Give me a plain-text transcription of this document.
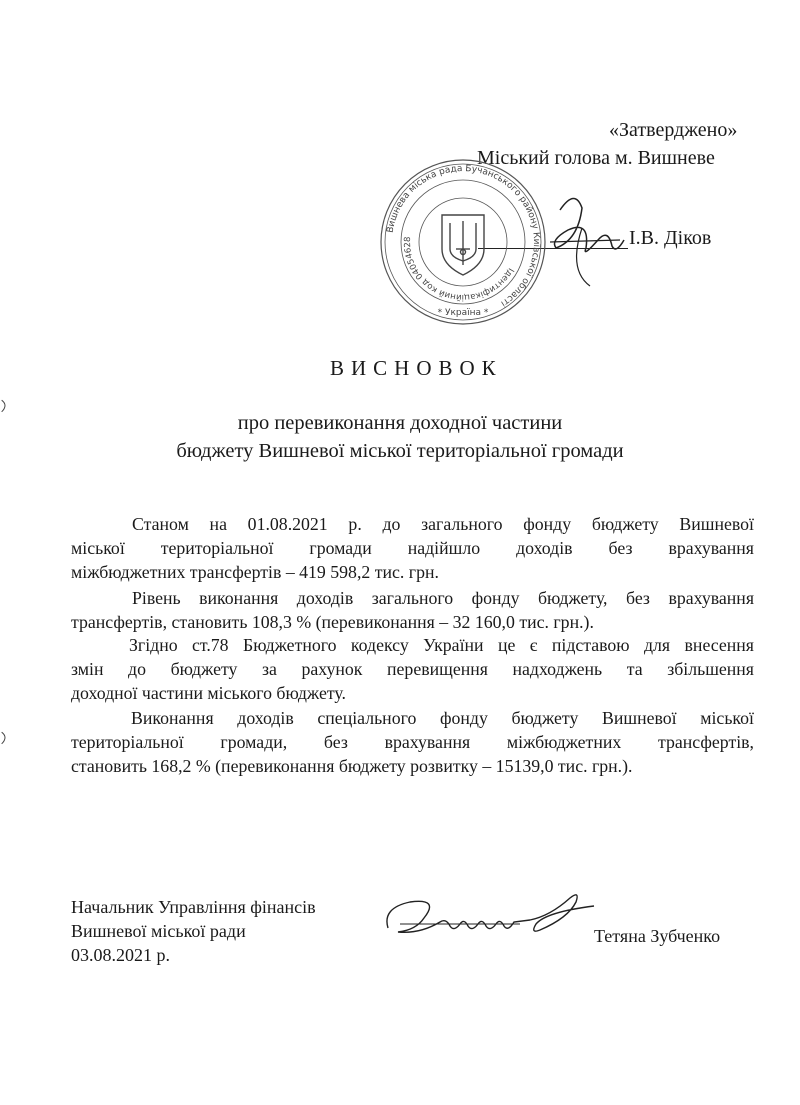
«Затверджено»
Міський голова м. Вишневе
І.В. Діков
Вишнева міська рада Бучанського району Київської області
Ідентифікаційний код 04054628
* Україна *
ВИСНОВОК
про перевиконання доходної частини
бюджету Вишневої міської територіальної громади
Станом на 01.08.2021 р. до загального фонду бюджету Вишневої
міської територіальної громади надійшло доходів без врахування
міжбюджетних трансфертів – 419 598,2 тис. грн.
Рівень виконання доходів загального фонду бюджету, без врахування
трансфертів, становить 108,3 % (перевиконання – 32 160,0 тис. грн.).
Згідно ст.78 Бюджетного кодексу України це є підставою для внесення
змін до бюджету за рахунок перевищення надходжень та збільшення
доходної частини міського бюджету.
Виконання доходів спеціального фонду бюджету Вишневої міської
територіальної громади, без врахування міжбюджетних трансфертів,
становить 168,2 % (перевиконання бюджету розвитку – 15139,0 тис. грн.).
Начальник Управління фінансів
Вишневої міської ради
03.08.2021 р.
Тетяна Зубченко
